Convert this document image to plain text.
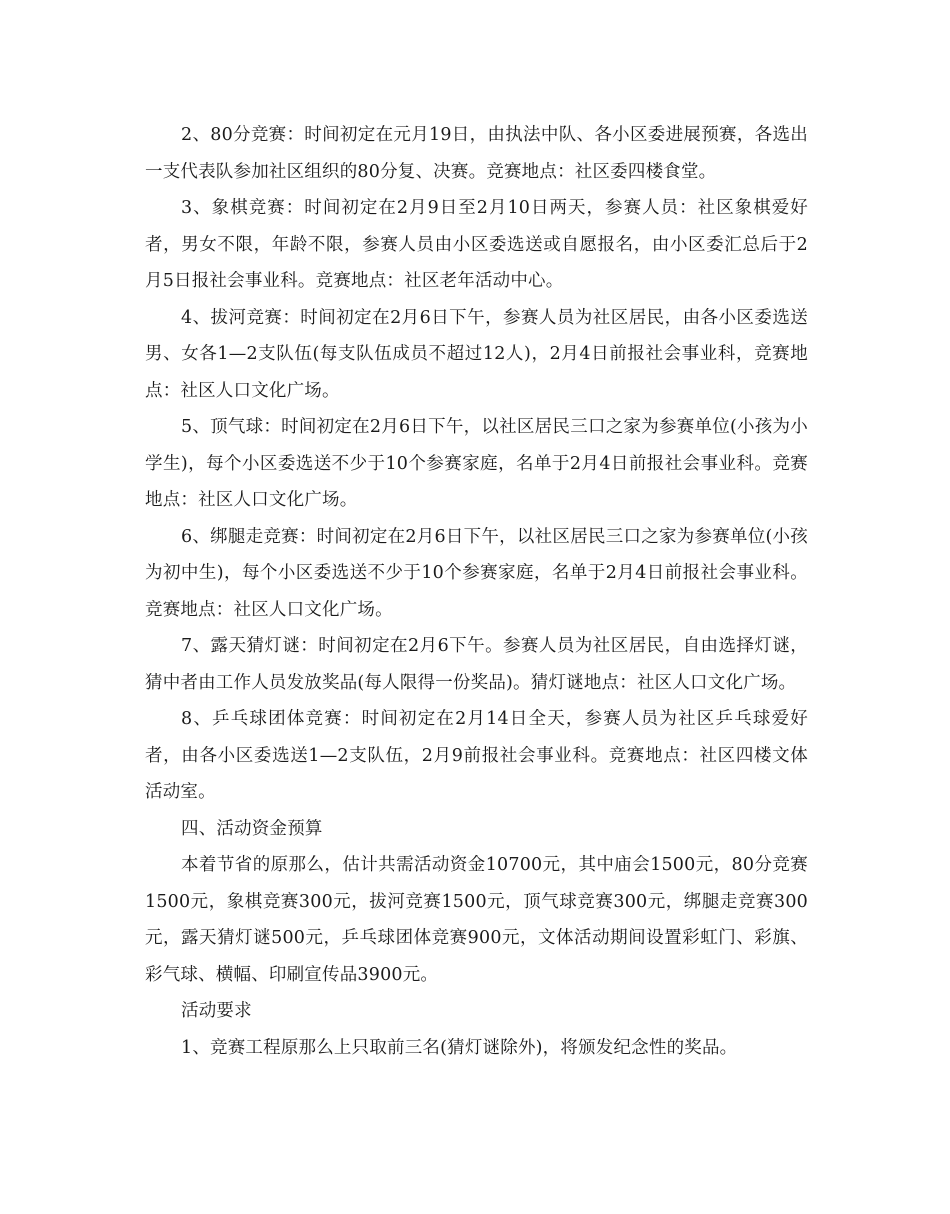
2、80分竞赛：时间初定在元月19日，由执法中队、各小区委进展预赛，各选出一支代表队参加社区组织的80分复、决赛。竞赛地点：社区委四楼食堂。

3、象棋竞赛：时间初定在2月9日至2月10日两天，参赛人员：社区象棋爱好者，男女不限，年龄不限，参赛人员由小区委选送或自愿报名，由小区委汇总后于2月5日报社会事业科。竞赛地点：社区老年活动中心。

4、拔河竞赛：时间初定在2月6日下午，参赛人员为社区居民，由各小区委选送男、女各1—2支队伍(每支队伍成员不超过12人)，2月4日前报社会事业科，竞赛地点：社区人口文化广场。

5、顶气球：时间初定在2月6日下午，以社区居民三口之家为参赛单位(小孩为小学生)，每个小区委选送不少于10个参赛家庭，名单于2月4日前报社会事业科。竞赛地点：社区人口文化广场。

6、绑腿走竞赛：时间初定在2月6日下午，以社区居民三口之家为参赛单位(小孩为初中生)，每个小区委选送不少于10个参赛家庭，名单于2月4日前报社会事业科。竞赛地点：社区人口文化广场。

7、露天猜灯谜：时间初定在2月6下午。参赛人员为社区居民，自由选择灯谜，猜中者由工作人员发放奖品(每人限得一份奖品)。猜灯谜地点：社区人口文化广场。

8、乒乓球团体竞赛：时间初定在2月14日全天，参赛人员为社区乒乓球爱好者，由各小区委选送1—2支队伍，2月9前报社会事业科。竞赛地点：社区四楼文体活动室。

四、活动资金预算

本着节省的原那么，估计共需活动资金10700元，其中庙会1500元，80分竞赛1500元，象棋竞赛300元，拔河竞赛1500元，顶气球竞赛300元，绑腿走竞赛300元，露天猜灯谜500元，乒乓球团体竞赛900元，文体活动期间设置彩虹门、彩旗、彩气球、横幅、印刷宣传品3900元。

活动要求

1、竞赛工程原那么上只取前三名(猜灯谜除外)，将颁发纪念性的奖品。
